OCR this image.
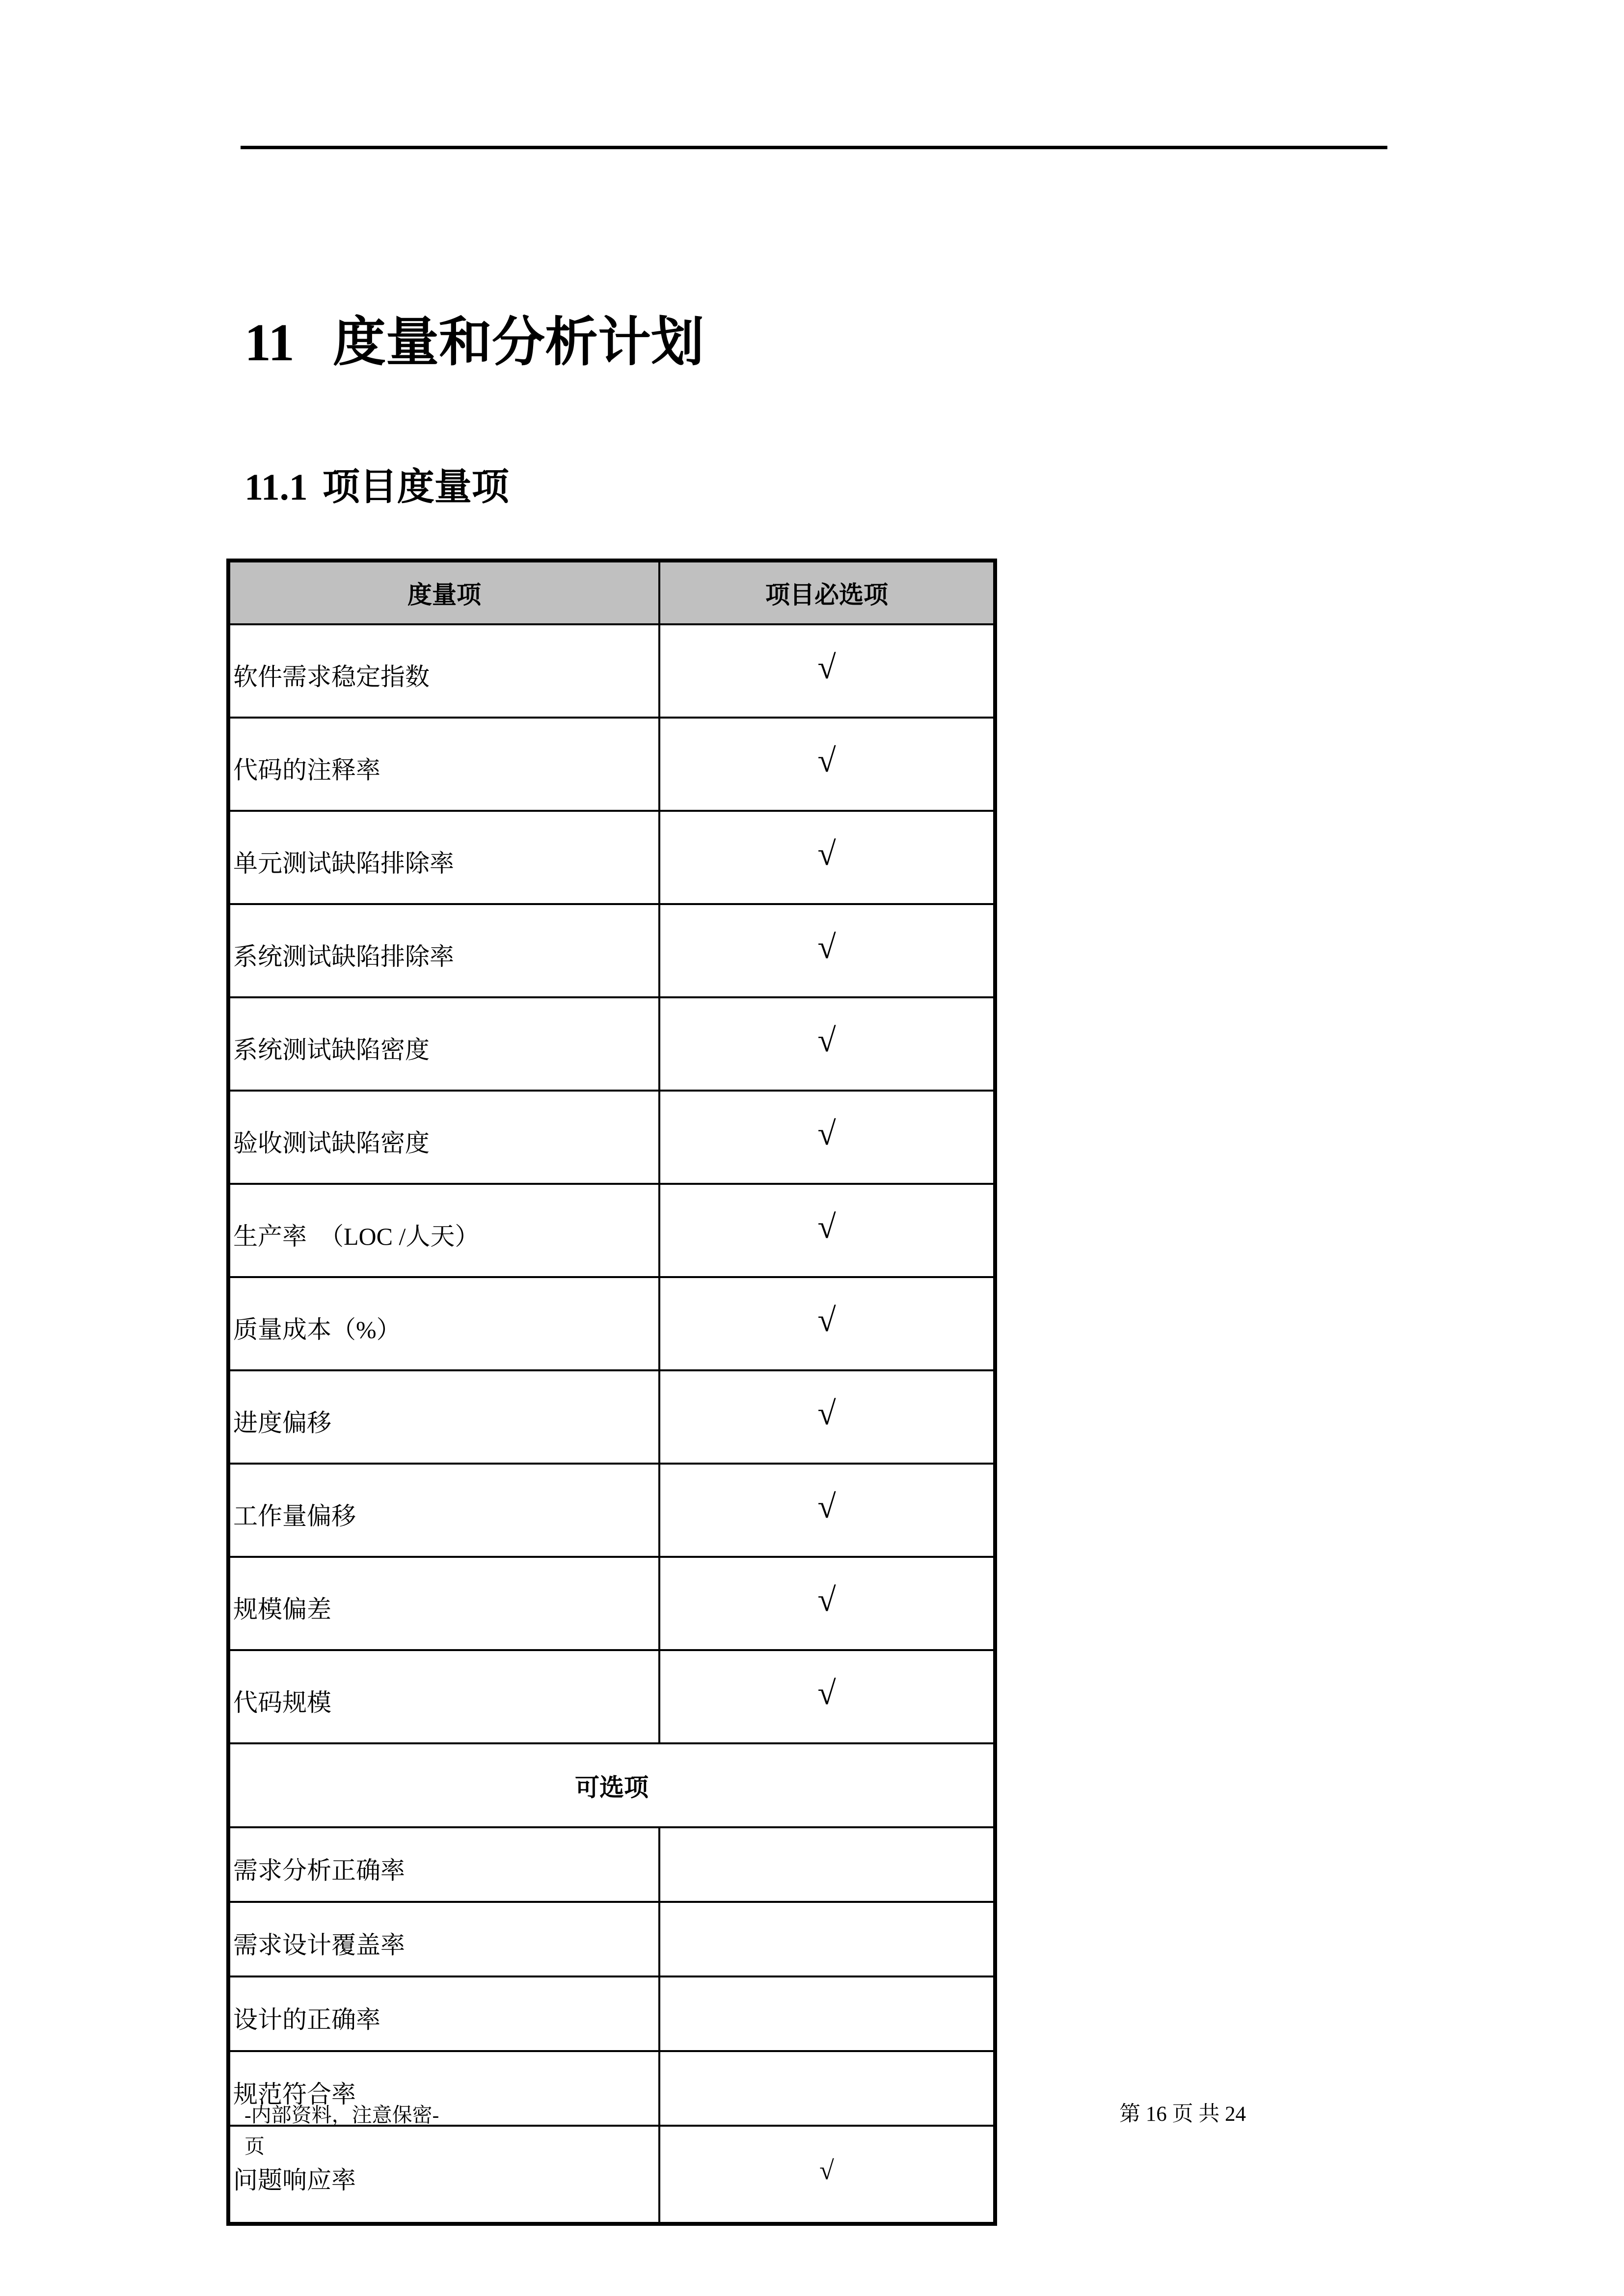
11 度量和分析计划
11.1 项目度量项
度量项	项目必选项
软件需求稳定指数	√
代码的注释率	√
单元测试缺陷排除率	√
系统测试缺陷排除率	√
系统测试缺陷密度	√
验收测试缺陷密度	√
生产率　（LOC /人天）	√
质量成本（%）	√
进度偏移	√
工作量偏移	√
规模偏差	√
代码规模	√
可选项	
需求分析正确率	
需求设计覆盖率	
设计的正确率	
规范符合率	
问题响应率	√
-内部资料，注意保密-
页
第 16 页 共 24
